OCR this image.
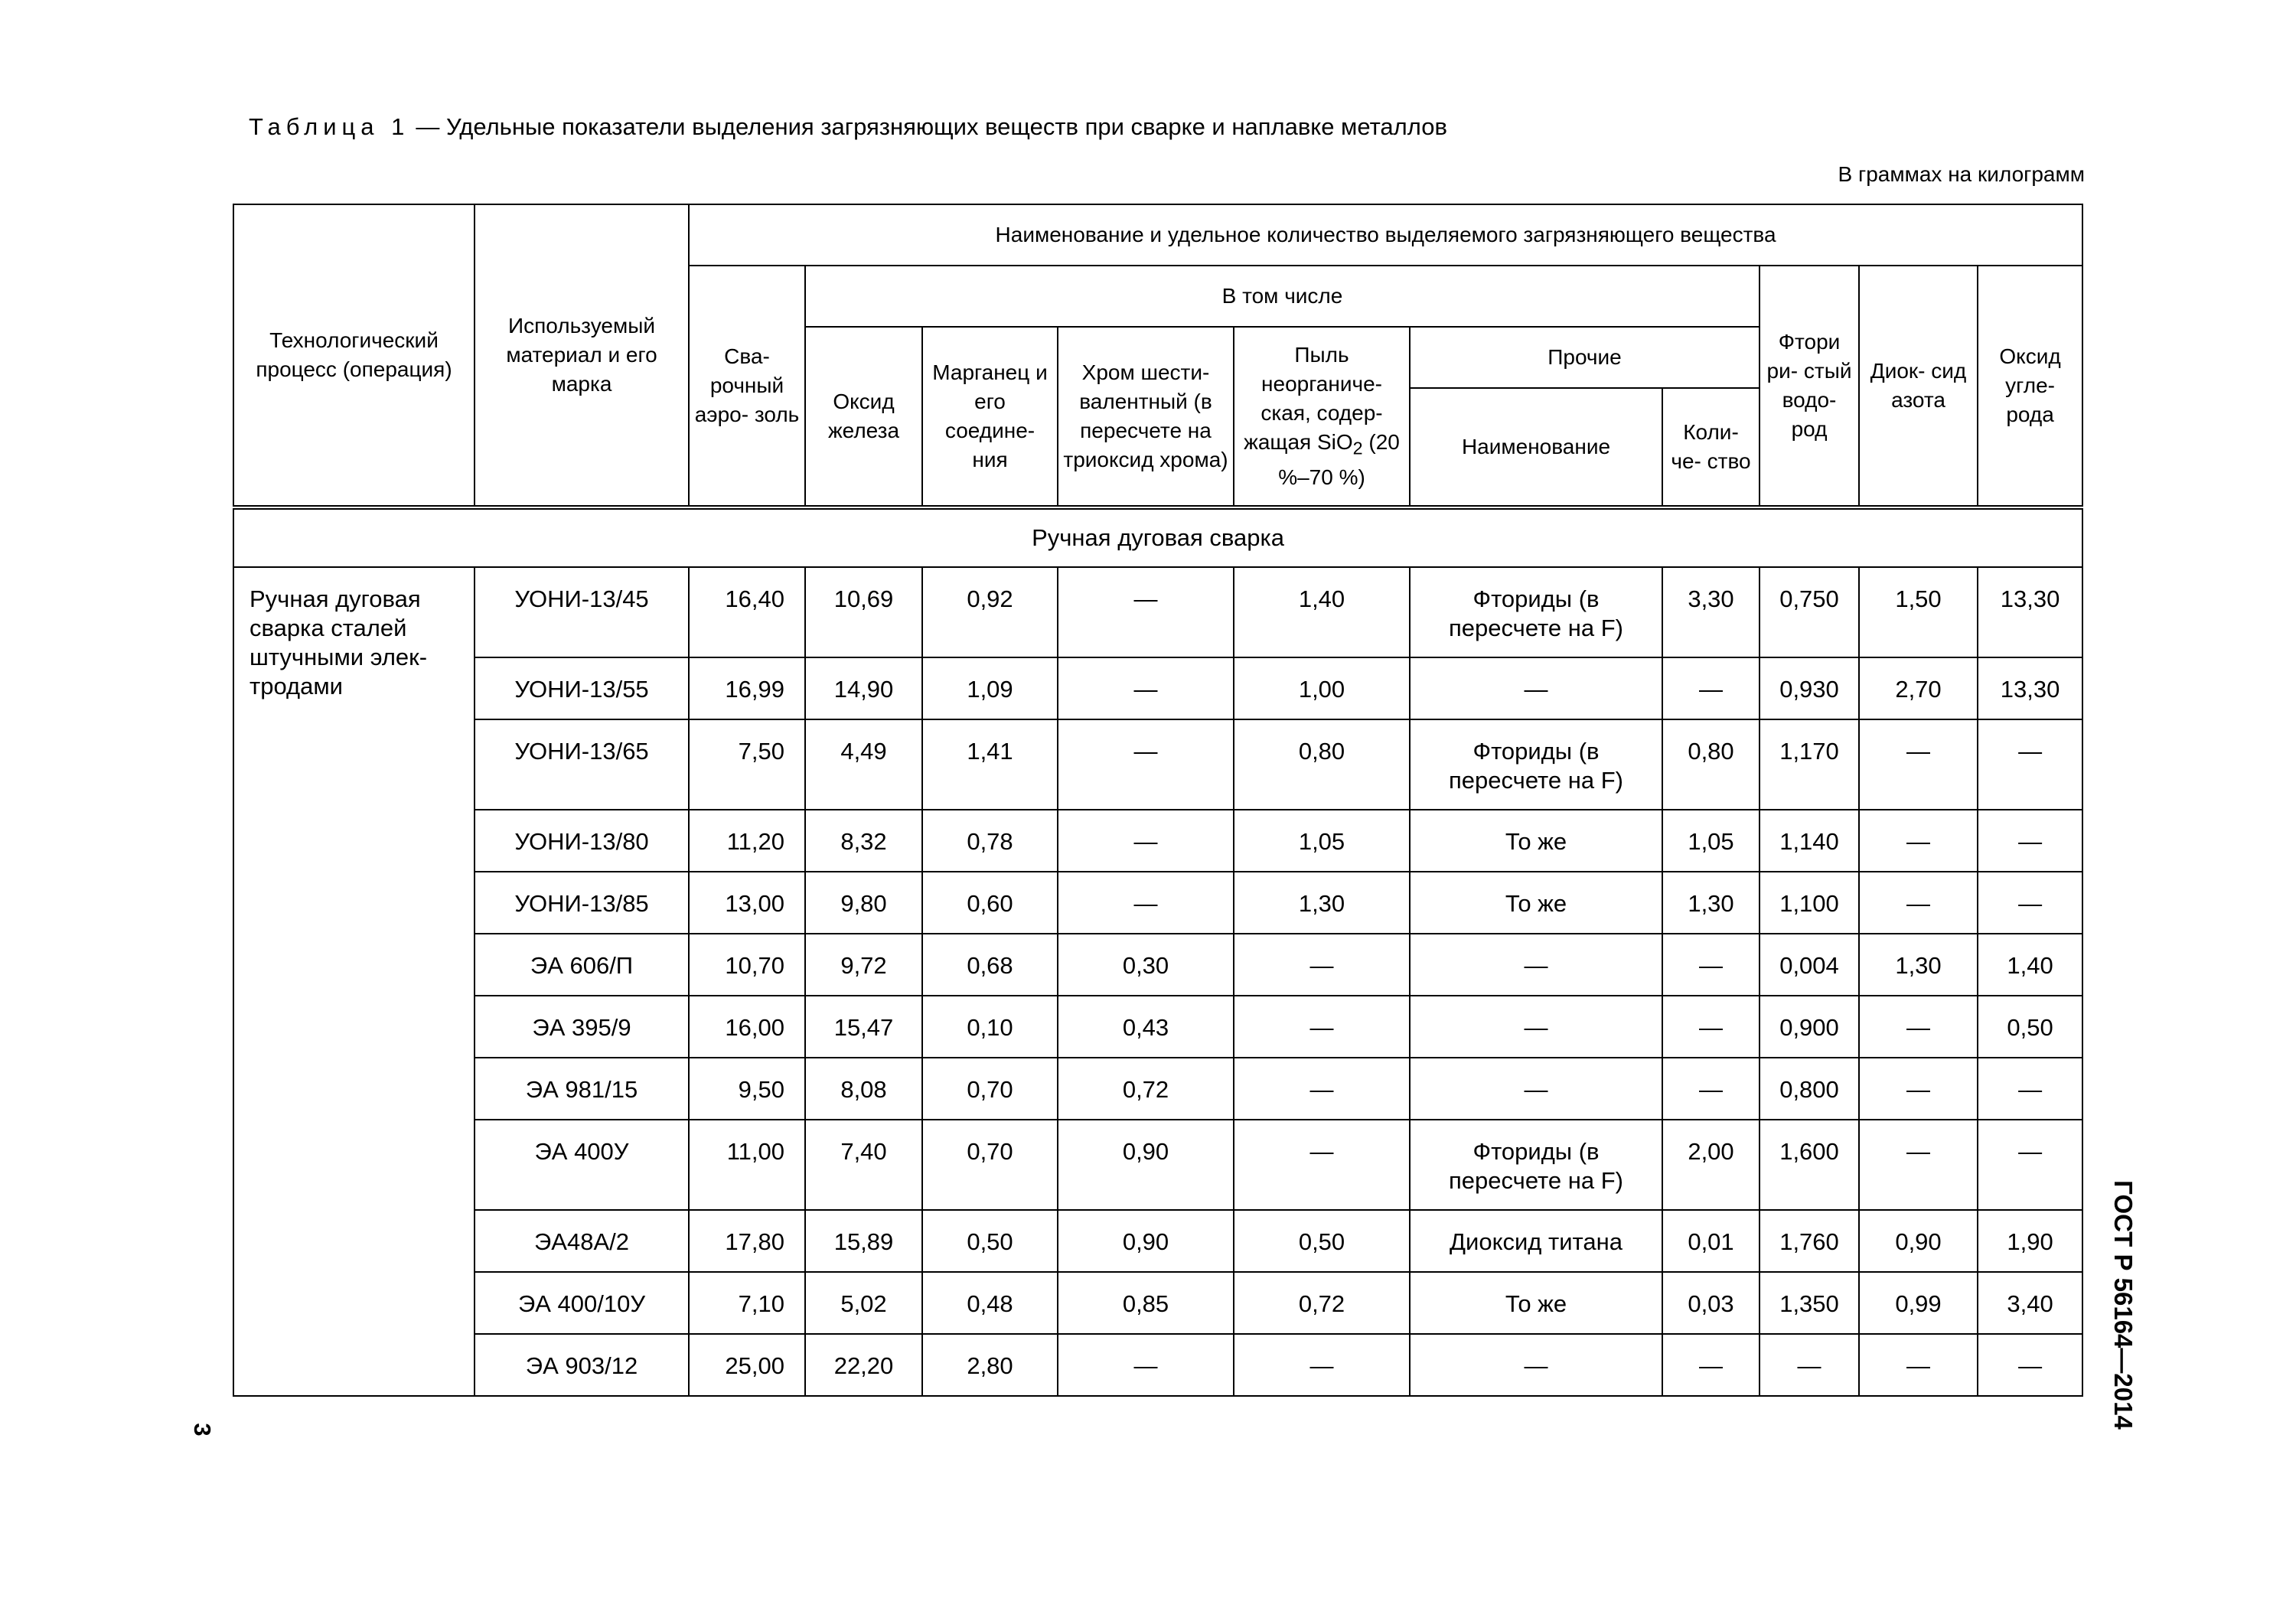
Таблица 1 — Удельные показатели выделения загрязняющих веществ при сварке и наплавке металлов
В граммах на килограмм
Технологический процесс (операция)	Используемый материал и его марка	Наименование и удельное количество выделяемого загрязняющего вещества									
		Сва- рочный аэро- золь	В том числе						Фтори ри- стый водо- род	Диок- сид азота	Оксид угле- рода
			Оксид железа	Марганец и его соедине- ния	Хром шести- валентный (в пересчете на триоксид хрома)	Пыль неорганиче- ская, содер- жащая SiO$_2$ (20 %–70 %)	Прочие				
							Наименование	Коли- че- ство			
Ручная дуговая сварка											
Ручная дуговая сварка сталей штучными элек- тродами	УОНИ-13/45	16,40	10,69	0,92	—	1,40	Фториды (в пересчете на F)	3,30	0,750	1,50	13,30
	УОНИ-13/55	16,99	14,90	1,09	—	1,00	—	—	0,930	2,70	13,30
	УОНИ-13/65	7,50	4,49	1,41	—	0,80	Фториды (в пересчете на F)	0,80	1,170	—	—
	УОНИ-13/80	11,20	8,32	0,78	—	1,05	То же	1,05	1,140	—	—
	УОНИ-13/85	13,00	9,80	0,60	—	1,30	То же	1,30	1,100	—	—
	ЭА 606/П	10,70	9,72	0,68	0,30	—	—	—	0,004	1,30	1,40
	ЭА 395/9	16,00	15,47	0,10	0,43	—	—	—	0,900	—	0,50
	ЭА 981/15	9,50	8,08	0,70	0,72	—	—	—	0,800	—	—
	ЭА 400У	11,00	7,40	0,70	0,90	—	Фториды (в пересчете на F)	2,00	1,600	—	—
	ЭА48А/2	17,80	15,89	0,50	0,90	0,50	Диоксид титана	0,01	1,760	0,90	1,90
	ЭА 400/10У	7,10	5,02	0,48	0,85	0,72	То же	0,03	1,350	0,99	3,40
	ЭА 903/12	25,00	22,20	2,80	—	—	—	—	—	—	—	ГОСТ Р 56164—2014
3
